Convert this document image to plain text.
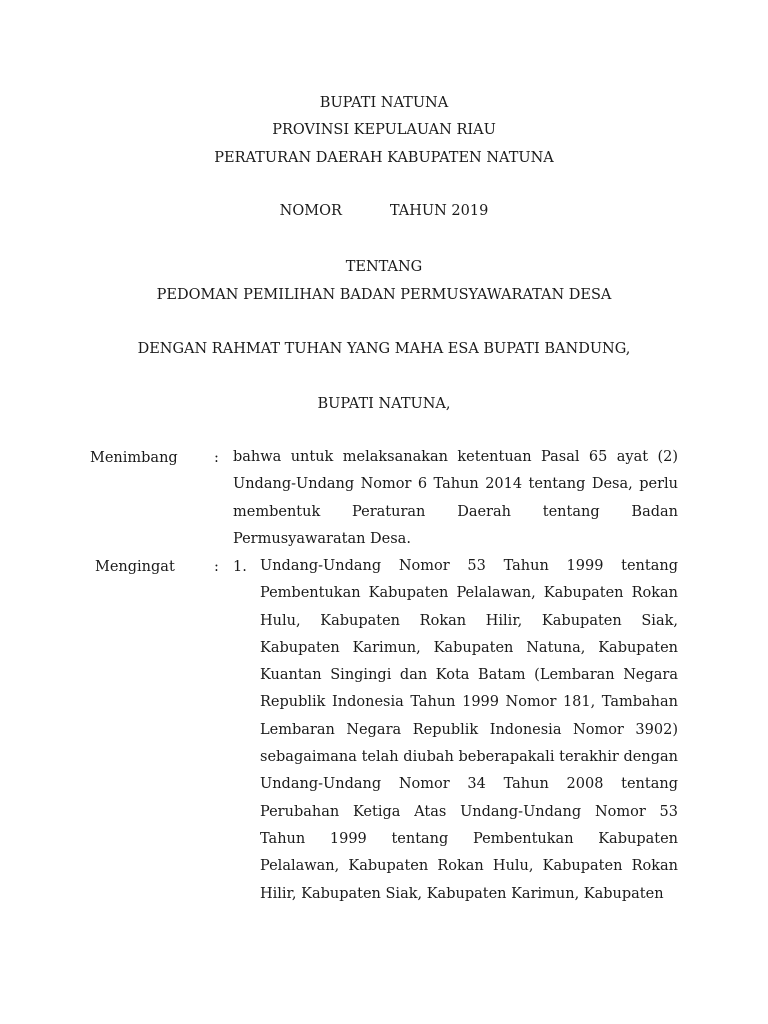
BUPATI NATUNA
PROVINSI KEPULAUAN RIAU
PERATURAN DAERAH KABUPATEN NATUNA
NOMOR	TAHUN 2019
TENTANG
PEDOMAN PEMILIHAN BADAN PERMUSYAWARATAN DESA
DENGAN RAHMAT TUHAN YANG MAHA ESA BUPATI BANDUNG,
BUPATI NATUNA,
Menimbang	: bahwa untuk melaksanakan ketentuan Pasal 65 ayat (2) Undang-Undang Nomor 6 Tahun 2014 tentang Desa, perlu membentuk Peraturan Daerah tentang Badan Permusyawaratan Desa.
Mengingat	: 1. Undang-Undang Nomor 53 Tahun 1999 tentang Pembentukan Kabupaten Pelalawan, Kabupaten Rokan Hulu, Kabupaten Rokan Hilir, Kabupaten Siak, Kabupaten Karimun, Kabupaten Natuna, Kabupaten Kuantan Singingi dan Kota Batam (Lembaran Negara Republik Indonesia Tahun 1999 Nomor 181, Tambahan Lembaran Negara Republik Indonesia Nomor 3902) sebagaimana telah diubah beberapakali terakhir dengan Undang-Undang Nomor 34 Tahun 2008 tentang Perubahan Ketiga Atas Undang-Undang Nomor 53 Tahun 1999 tentang Pembentukan Kabupaten Pelalawan, Kabupaten Rokan Hulu, Kabupaten Rokan Hilir, Kabupaten Siak, Kabupaten Karimun, Kabupaten
